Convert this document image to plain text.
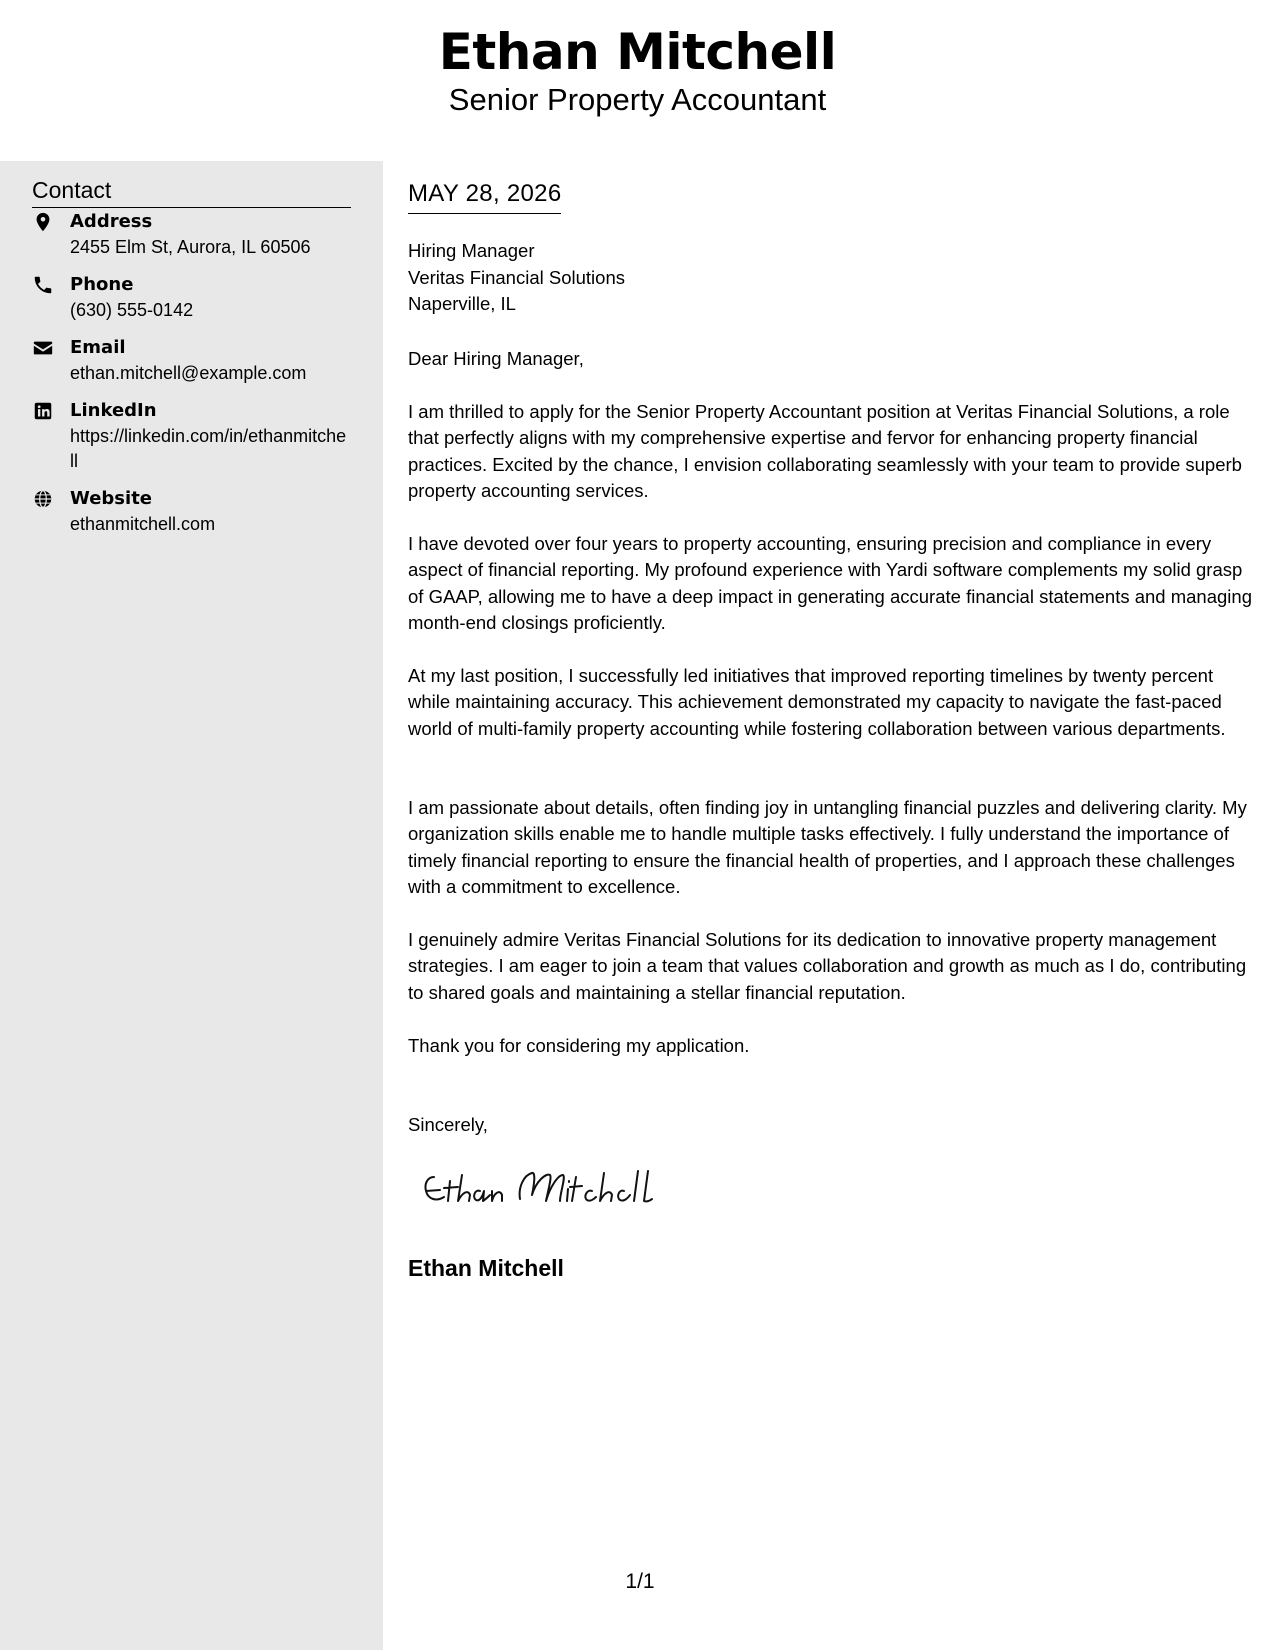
Ethan Mitchell
Senior Property Accountant
Contact
Address
2455 Elm St, Aurora, IL 60506
Phone
(630) 555-0142
Email
ethan.mitchell@example.com
LinkedIn
https://linkedin.com/in/ethanmitchell
Website
ethanmitchell.com
MAY 28, 2026
Hiring Manager
Veritas Financial Solutions
Naperville, IL
Dear Hiring Manager,
I am thrilled to apply for the Senior Property Accountant position at Veritas Financial Solutions, a role that perfectly aligns with my comprehensive expertise and fervor for enhancing property financial practices. Excited by the chance, I envision collaborating seamlessly with your team to provide superb property accounting services.
I have devoted over four years to property accounting, ensuring precision and compliance in every aspect of financial reporting. My profound experience with Yardi software complements my solid grasp of GAAP, allowing me to have a deep impact in generating accurate financial statements and managing month-end closings proficiently.
At my last position, I successfully led initiatives that improved reporting timelines by twenty percent while maintaining accuracy. This achievement demonstrated my capacity to navigate the fast-paced world of multi-family property accounting while fostering collaboration between various departments.
I am passionate about details, often finding joy in untangling financial puzzles and delivering clarity. My organization skills enable me to handle multiple tasks effectively. I fully understand the importance of timely financial reporting to ensure the financial health of properties, and I approach these challenges with a commitment to excellence.
I genuinely admire Veritas Financial Solutions for its dedication to innovative property management strategies. I am eager to join a team that values collaboration and growth as much as I do, contributing to shared goals and maintaining a stellar financial reputation.
Thank you for considering my application.
Sincerely,
Ethan Mitchell
1/1
